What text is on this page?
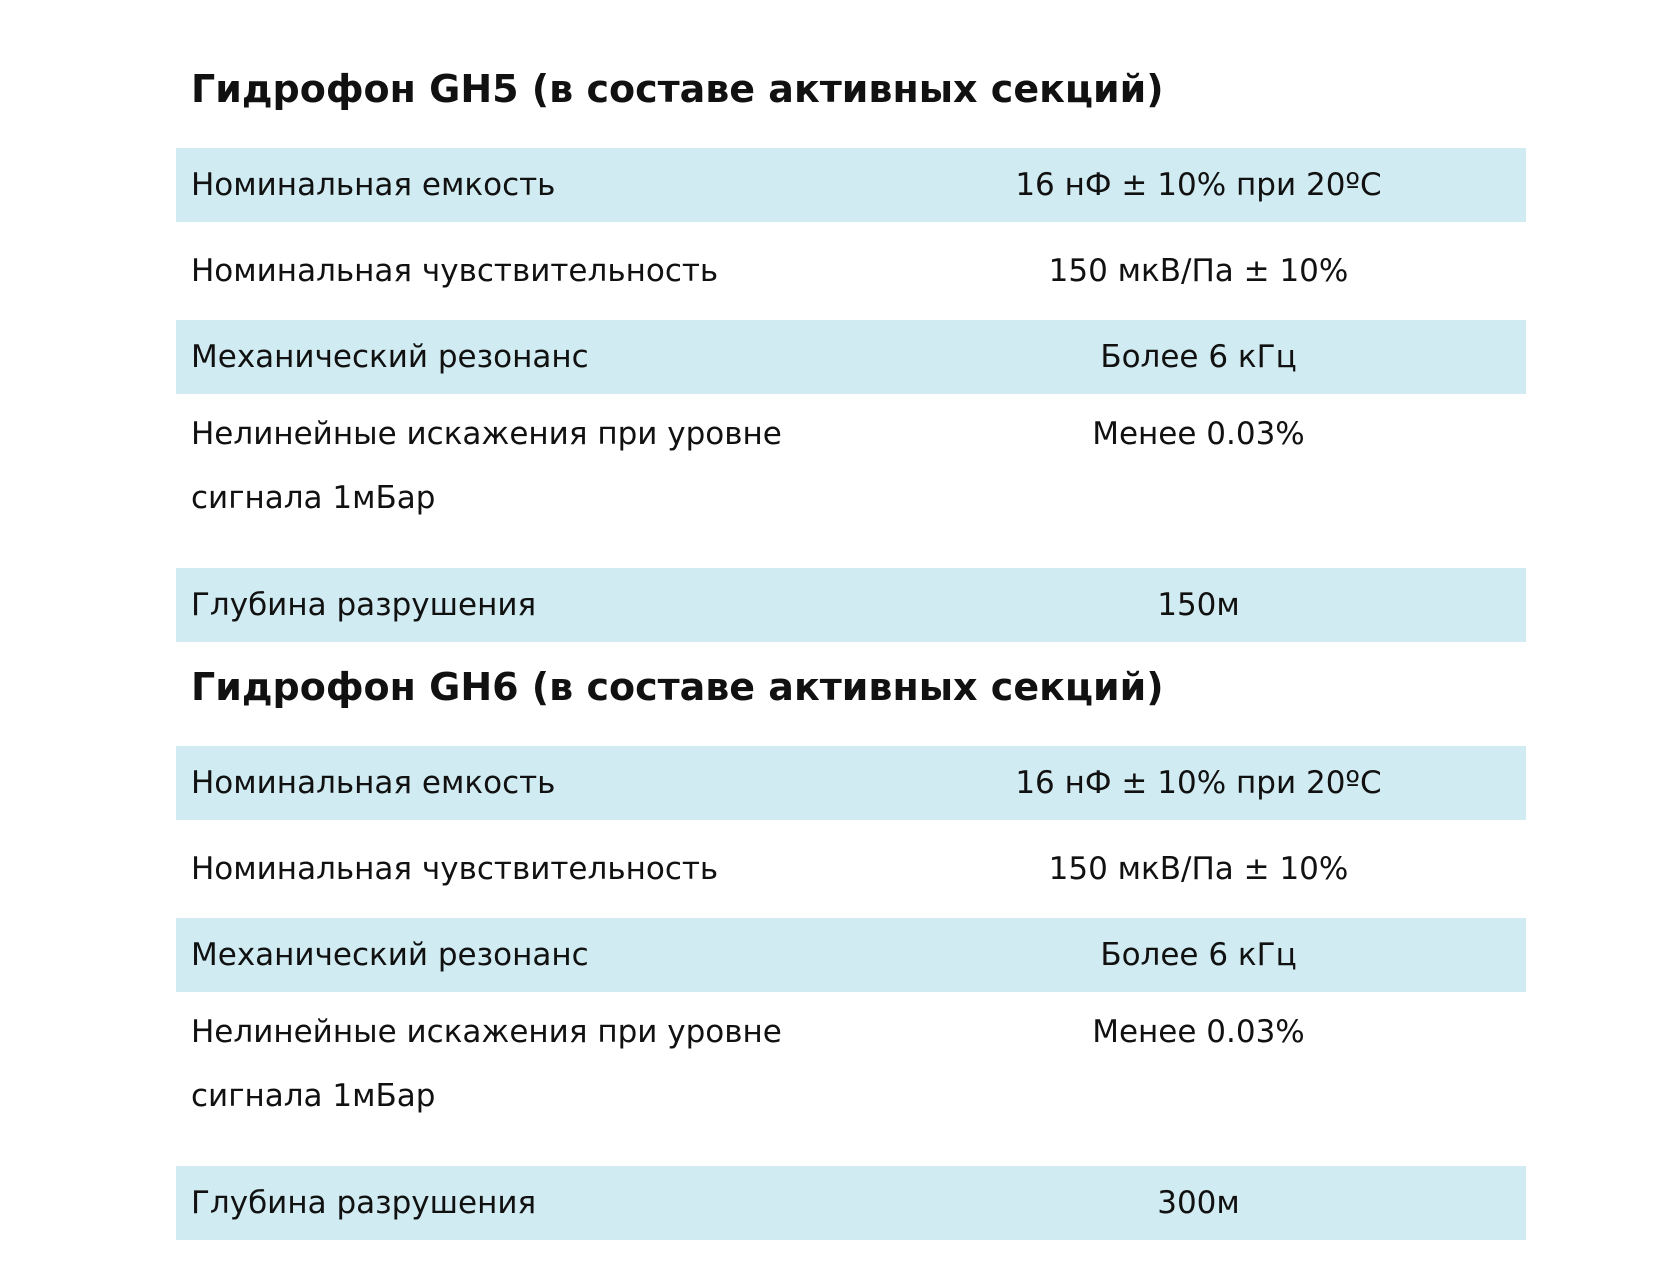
Гидрофон GH5 (в составе активных секций)
Номинальная емкость	16 нФ ± 10% при 20ºC
Номинальная чувствительность	150 мкВ/Па ± 10%
Механический резонанс	Более 6 кГц
Нелинейные искажения при уровне сигнала 1мБар	Менее 0.03%
Глубина разрушения	150м
Гидрофон GH6 (в составе активных секций)
Номинальная емкость	16 нФ ± 10% при 20ºC
Номинальная чувствительность	150 мкВ/Па ± 10%
Механический резонанс	Более 6 кГц
Нелинейные искажения при уровне сигнала 1мБар	Менее 0.03%
Глубина разрушения	300м
